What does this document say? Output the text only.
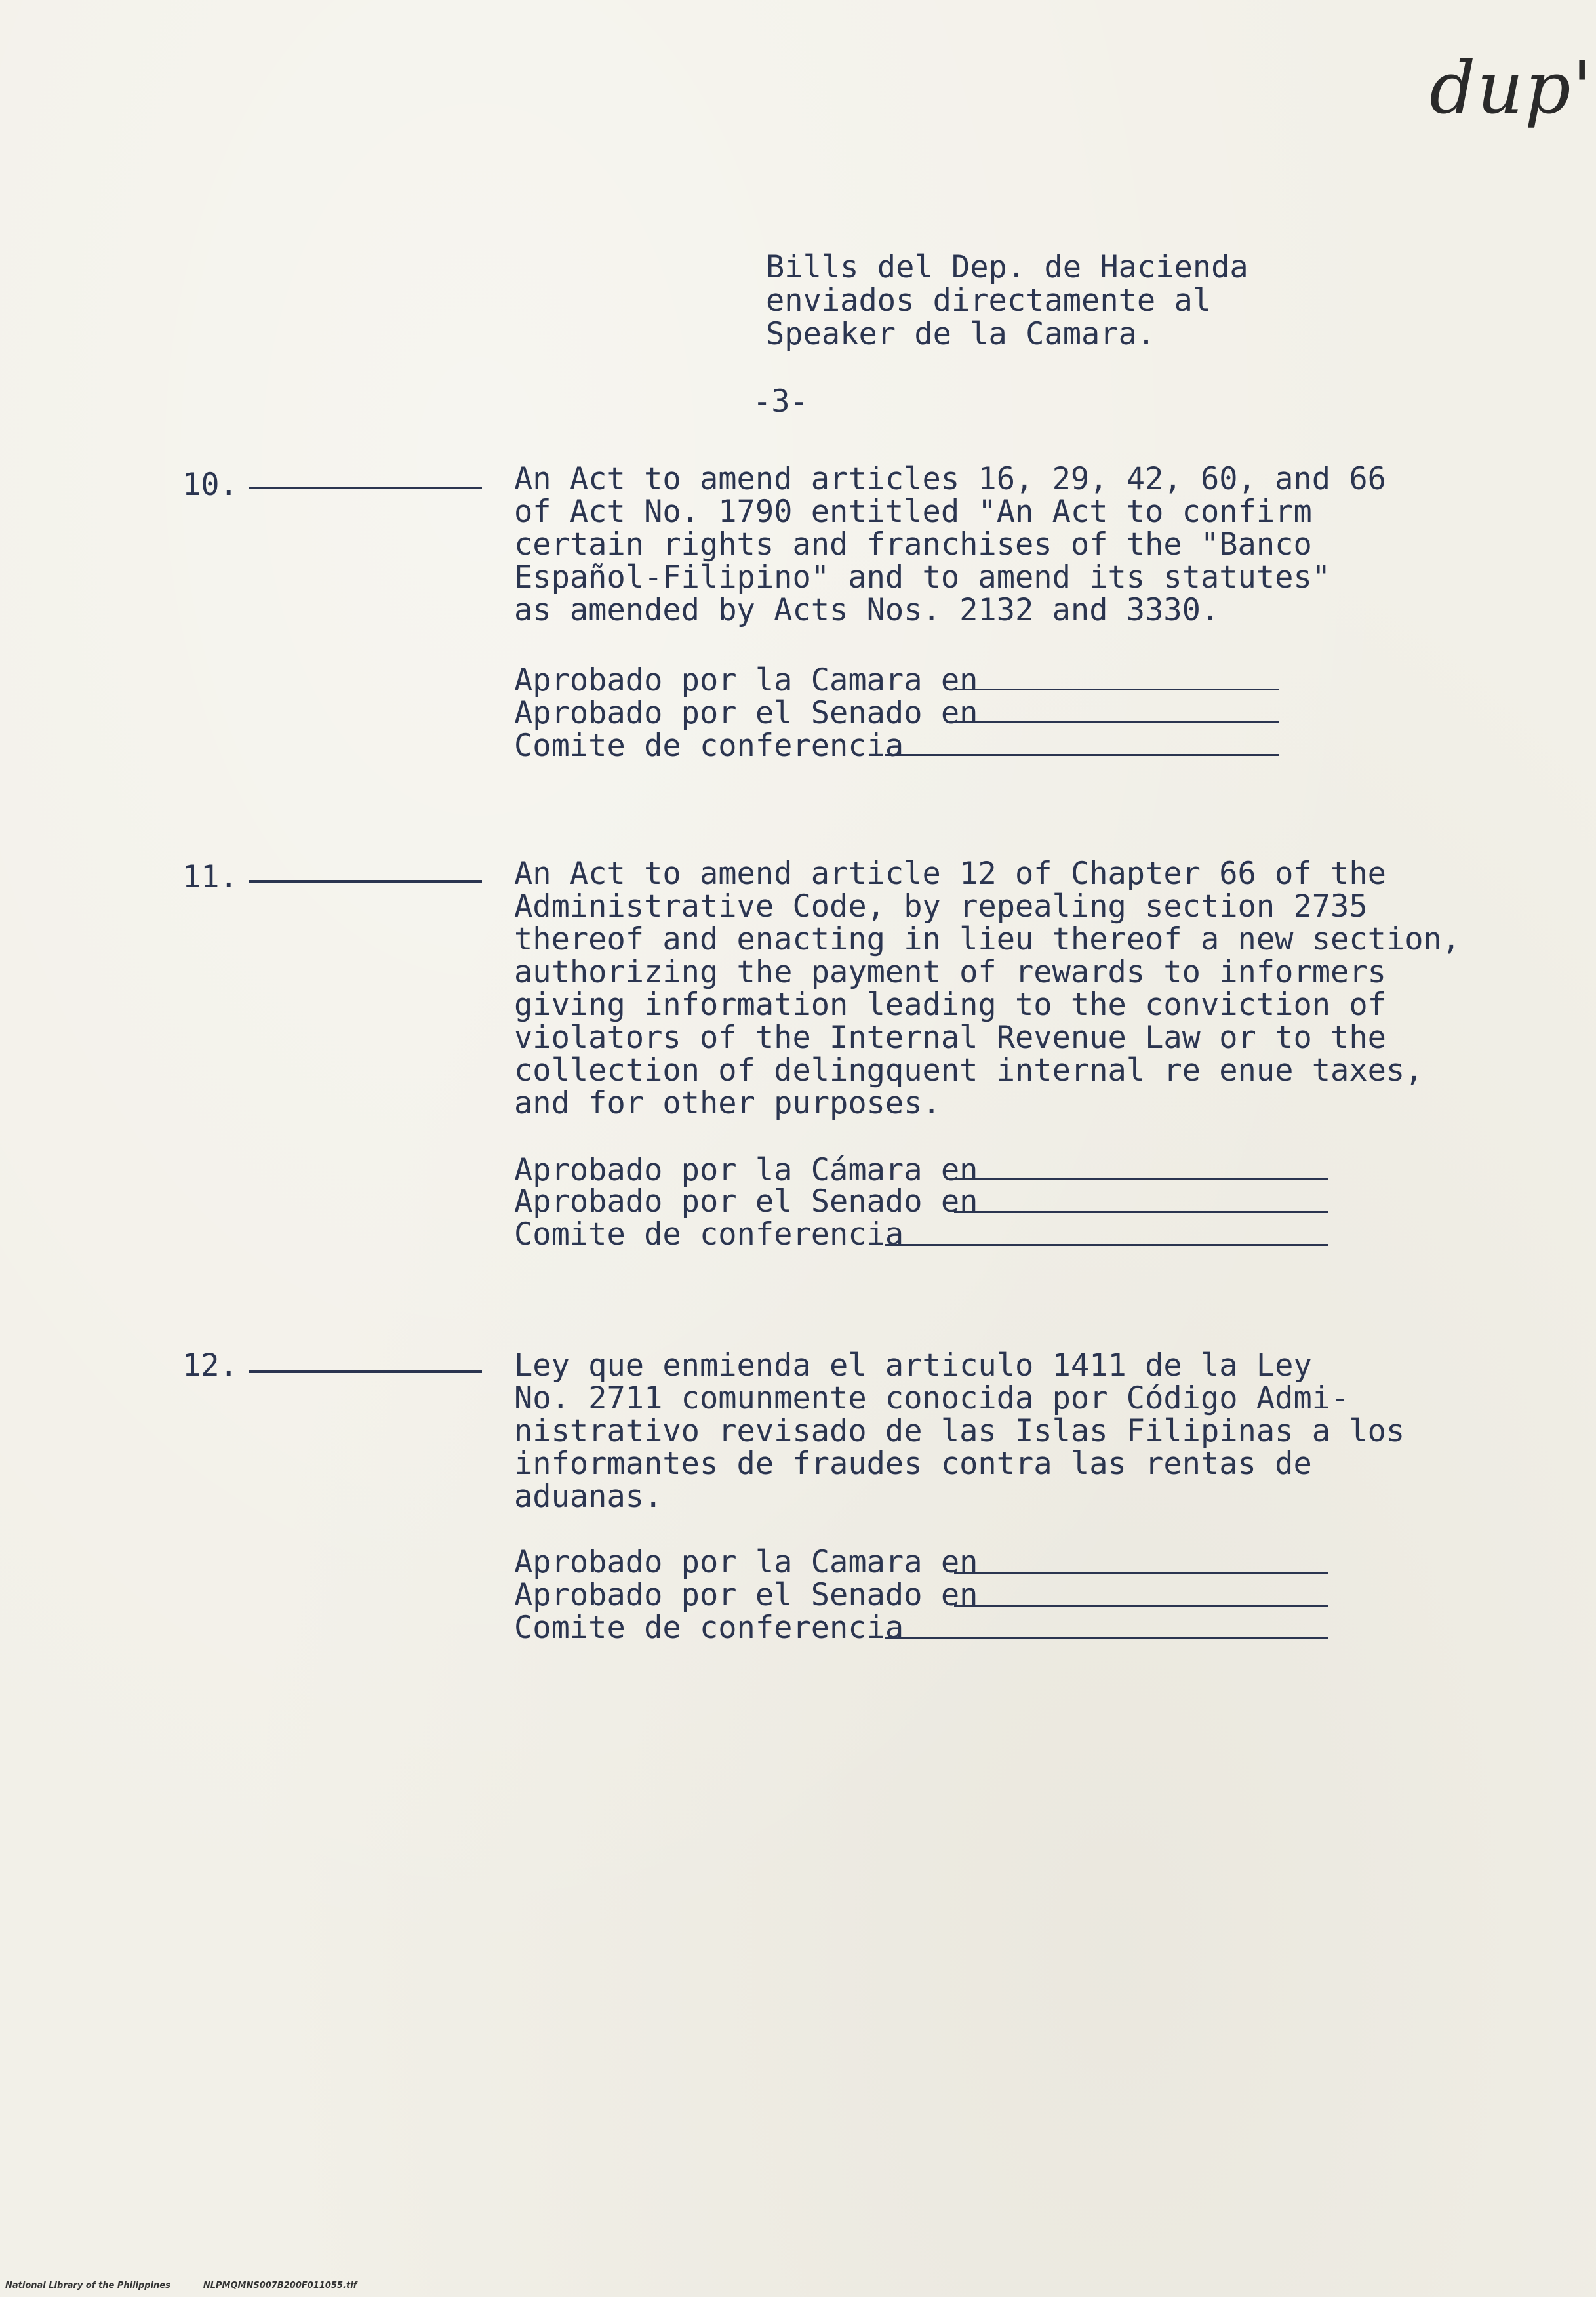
dup'
Bills del Dep. de Hacienda
enviados directamente al
Speaker de la Camara.
-3-
10.	An Act to amend articles 16, 29, 42, 60, and 66
of Act No. 1790 entitled "An Act to confirm
certain rights and franchises of the "Banco
Español-Filipino" and to amend its statutes"
as amended by Acts Nos. 2132 and 3330.
Aprobado por la Camara en
Aprobado por el Senado en
Comite de conferencia
11.	An Act to amend article 12 of Chapter 66 of the
Administrative Code, by repealing section 2735
thereof and enacting in lieu thereof a new section,
authorizing the payment of rewards to informers
giving information leading to the conviction of
violators of the Internal Revenue Law or to the
collection of delingquent internal re enue taxes,
and for other purposes.
Aprobado por la Cámara en
Aprobado por el Senado en
Comite de conferencia
12.	Ley que enmienda el articulo 1411 de la Ley
No. 2711 comunmente conocida por Código Admi-
nistrativo revisado de las Islas Filipinas a los
informantes de fraudes contra las rentas de
aduanas.
Aprobado por la Camara en
Aprobado por el Senado en
Comite de conferencia
National Library of the Philippines	NLPMQMNS007B200F011055.tif
